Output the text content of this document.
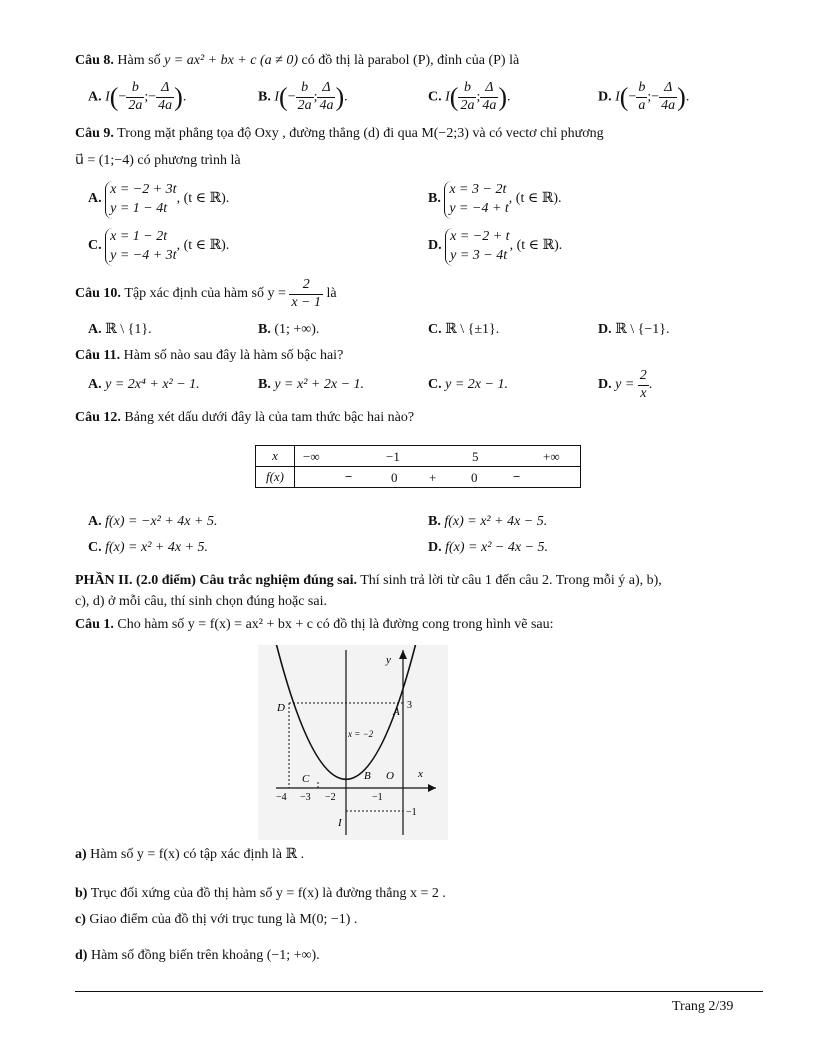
Câu 8. Hàm số y = ax² + bx + c (a ≠ 0) có đồ thị là parabol (P), đỉnh của (P) là
A. $I(- \frac{b}{2a}$ ;− $\frac{\Delta}{4a}$ ).	B. $I(- \frac{b}{2a}$ ; $\frac{\Delta}{4a}$ ).	C. $I( \frac{b}{2a}$ ; $\frac{\Delta}{4a}$ ).	D. $I(- \frac{b}{a}$ ;− $\frac{\Delta}{4a}$ ).
Câu 9. Trong mặt phẳng tọa độ Oxy , đường thẳng (d) đi qua M(−2;3) và có vectơ chỉ phương
u⃗ = (1;−4) có phương trình là
A.
x = −2 + 3t
y = 1 − 4t
, (t ∈ ℝ).	B.
x = 3 − 2t
y = −4 + t
, (t ∈ ℝ).
C.
x = 1 − 2t
y = −4 + 3t
, (t ∈ ℝ).	D.
x = −2 + t
y = 3 − 4t
, (t ∈ ℝ).
Câu 10. Tập xác định của hàm số $y = \frac{2}{x - 1}$ là
A. ℝ \ {1}.	B. (1; +∞).	C. ℝ \ {±1}.	D. ℝ \ {−1}.
Câu 11. Hàm số nào sau đây là hàm số bậc hai?
A. y = 2x⁴ + x² − 1.	B. y = x² + 2x − 1.	C. y = 2x − 1.	D. $y = \frac{2}{x}$ .
Câu 12. Bảng xét dấu dưới đây là của tam thức bậc hai nào?
x	−∞ −1 5 +∞

f(x)	− 0 + 0 −
A. f(x) = −x² + 4x + 5.	B. f(x) = x² + 4x − 5.
C. f(x) = x² + 4x + 5.	D. f(x) = x² − 4x − 5.
PHẦN II. (2.0 điểm) Câu trắc nghiệm đúng sai. Thí sinh trả lời từ câu 1 đến câu 2. Trong mỗi ý a), b),
c), d) ở mỗi câu, thí sinh chọn đúng hoặc sai.
Câu 1. Cho hàm số y = f(x) = ax² + bx + c có đồ thị là đường cong trong hình vẽ sau:
y
x
O
A
B
C
D
I
3
x = −2
−4 −3 −2	−1
−1
a) Hàm số y = f(x) có tập xác định là ℝ .
b) Trục đối xứng của đồ thị hàm số y = f(x) là đường thẳng x = 2 .
c) Giao điểm của đồ thị với trục tung là M(0; −1) .
d) Hàm số đồng biến trên khoảng (−1; +∞).
Trang 2/39
